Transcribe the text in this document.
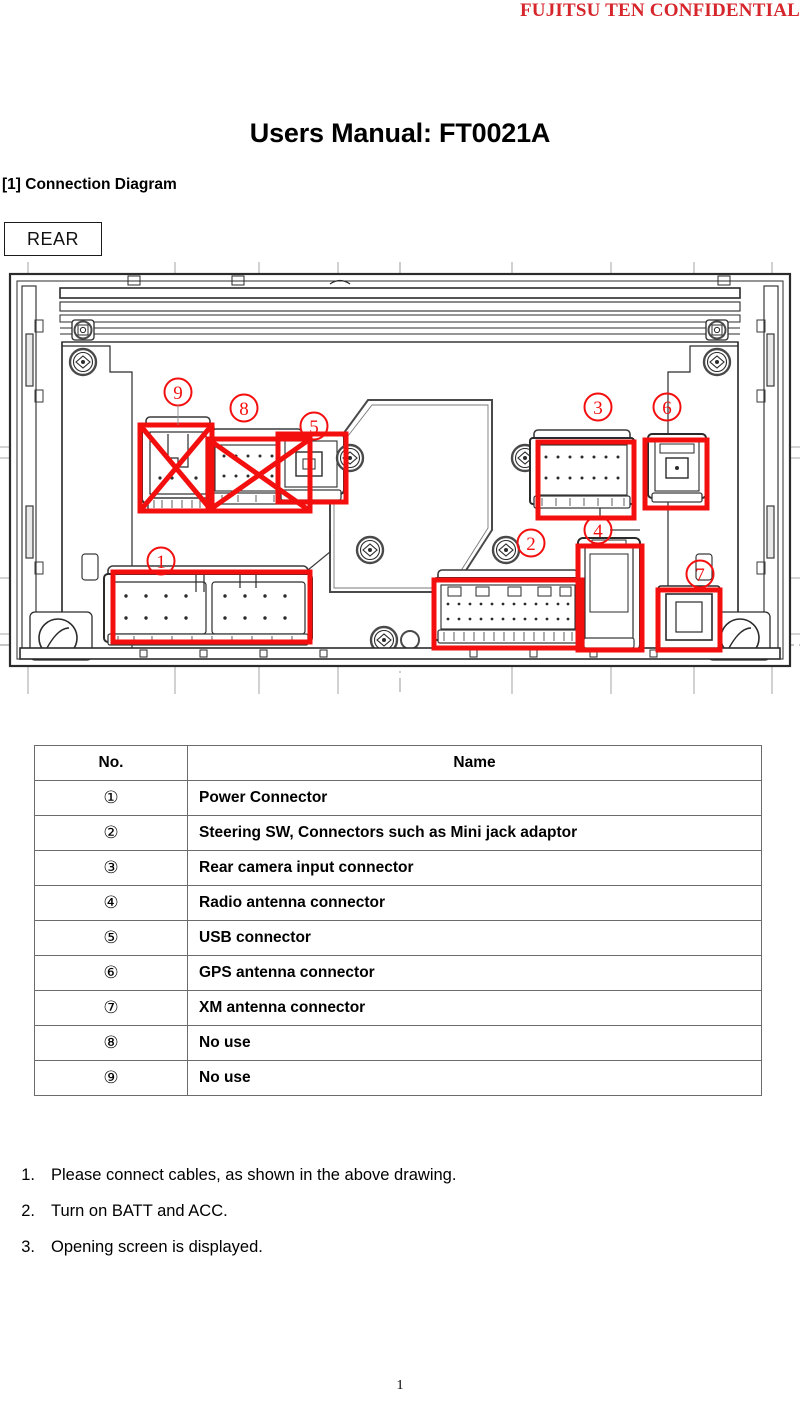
FUJITSU TEN CONFIDENTIAL
Users Manual: FT0021A
[1] Connection Diagram
REAR
9
8
5
3	6
1
2
4
7
No.	Name
①	Power Connector
②	Steering SW, Connectors such as Mini jack adaptor
③	Rear camera input connector
④	Radio antenna connector
⑤	USB connector
⑥	GPS antenna connector
⑦	XM antenna connector
⑧	No use
⑨	No use
1. Please connect cables, as shown in the above drawing.
2. Turn on BATT and ACC.
3. Opening screen is displayed.
1
